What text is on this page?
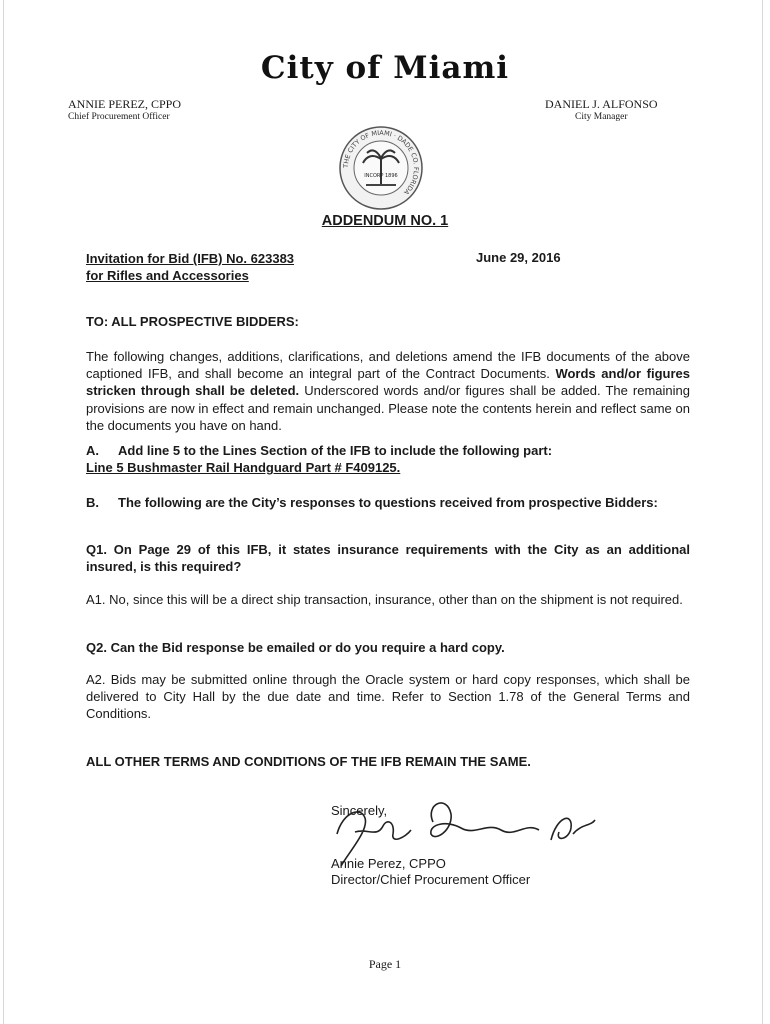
City of Miami
ANNIE PEREZ, CPPO
Chief Procurement Officer
DANIEL J. ALFONSO
City Manager
THE CITY OF MIAMI · DADE CO. FLORIDA
INCORP 1896
ADDENDUM NO. 1
Invitation for Bid (IFB) No. 623383
for Rifles and Accessories
June 29, 2016
TO: ALL PROSPECTIVE BIDDERS:
The following changes, additions, clarifications, and deletions amend the IFB documents of the above captioned IFB, and shall become an integral part of the Contract Documents. Words and/or figures stricken through shall be deleted. Underscored words and/or figures shall be added. The remaining provisions are now in effect and remain unchanged. Please note the contents herein and reflect same on the documents you have on hand.
A. Add line 5 to the Lines Section of the IFB to include the following part:
Line 5 Bushmaster Rail Handguard Part # F409125.
B. The following are the City’s responses to questions received from prospective Bidders:
Q1. On Page 29 of this IFB, it states insurance requirements with the City as an additional insured, is this required?
A1. No, since this will be a direct ship transaction, insurance, other than on the shipment is not required.
Q2. Can the Bid response be emailed or do you require a hard copy.
A2. Bids may be submitted online through the Oracle system or hard copy responses, which shall be delivered to City Hall by the due date and time. Refer to Section 1.78 of the General Terms and Conditions.
ALL OTHER TERMS AND CONDITIONS OF THE IFB REMAIN THE SAME.
Sincerely,
Annie Perez, CPPO
Director/Chief Procurement Officer
Page 1
